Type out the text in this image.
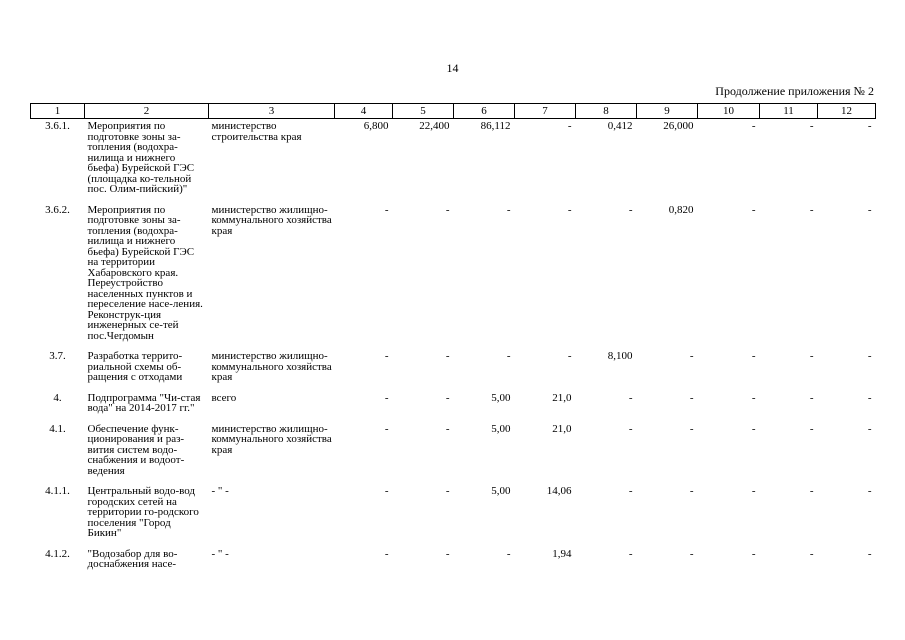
14
Продолжение приложения № 2
1	2	3	4	5	6	7	8	9	10	11	12
3.6.1.	Мероприятия по подготовке зоны за-топления (водохра-нилища и нижнего бьефа) Бурейской ГЭС (площадка ко-тельной пос. Олим-пийский)"	министерство строительства края	6,800	22,400	86,112	-	0,412	26,000	-	-	-
3.6.2.	Мероприятия по подготовке зоны за-топления (водохра-нилища и нижнего бьефа) Бурейской ГЭС на территории Хабаровского края. Переустройство населенных пунктов и переселение насе-ления. Реконструк-ция инженерных се-тей пос.Чегдомын	министерство жилищно-коммунального хозяйства края	-	-	-	-	-	0,820	-	-	-
3.7.	Разработка террито-риальной схемы об-ращения с отходами	министерство жилищно-коммунального хозяйства края	-	-	-	-	8,100	-	-	-	-
4.	Подпрограмма "Чи-стая вода" на 2014-2017 гг."	всего	-	-	5,00	21,0	-	-	-	-	-
4.1.	Обеспечение функ-ционирования и раз-вития систем водо-снабжения и водоот-ведения	министерство жилищно-коммунального хозяйства края	-	-	5,00	21,0	-	-	-	-	-
4.1.1.	Центральный водо-вод городских сетей на территории го-родского поселения "Город Бикин"	- " -	-	-	5,00	14,06	-	-	-	-	-
4.1.2.	"Водозабор для во-доснабжения насе-	- " -	-	-	-	1,94	-	-	-	-	-
